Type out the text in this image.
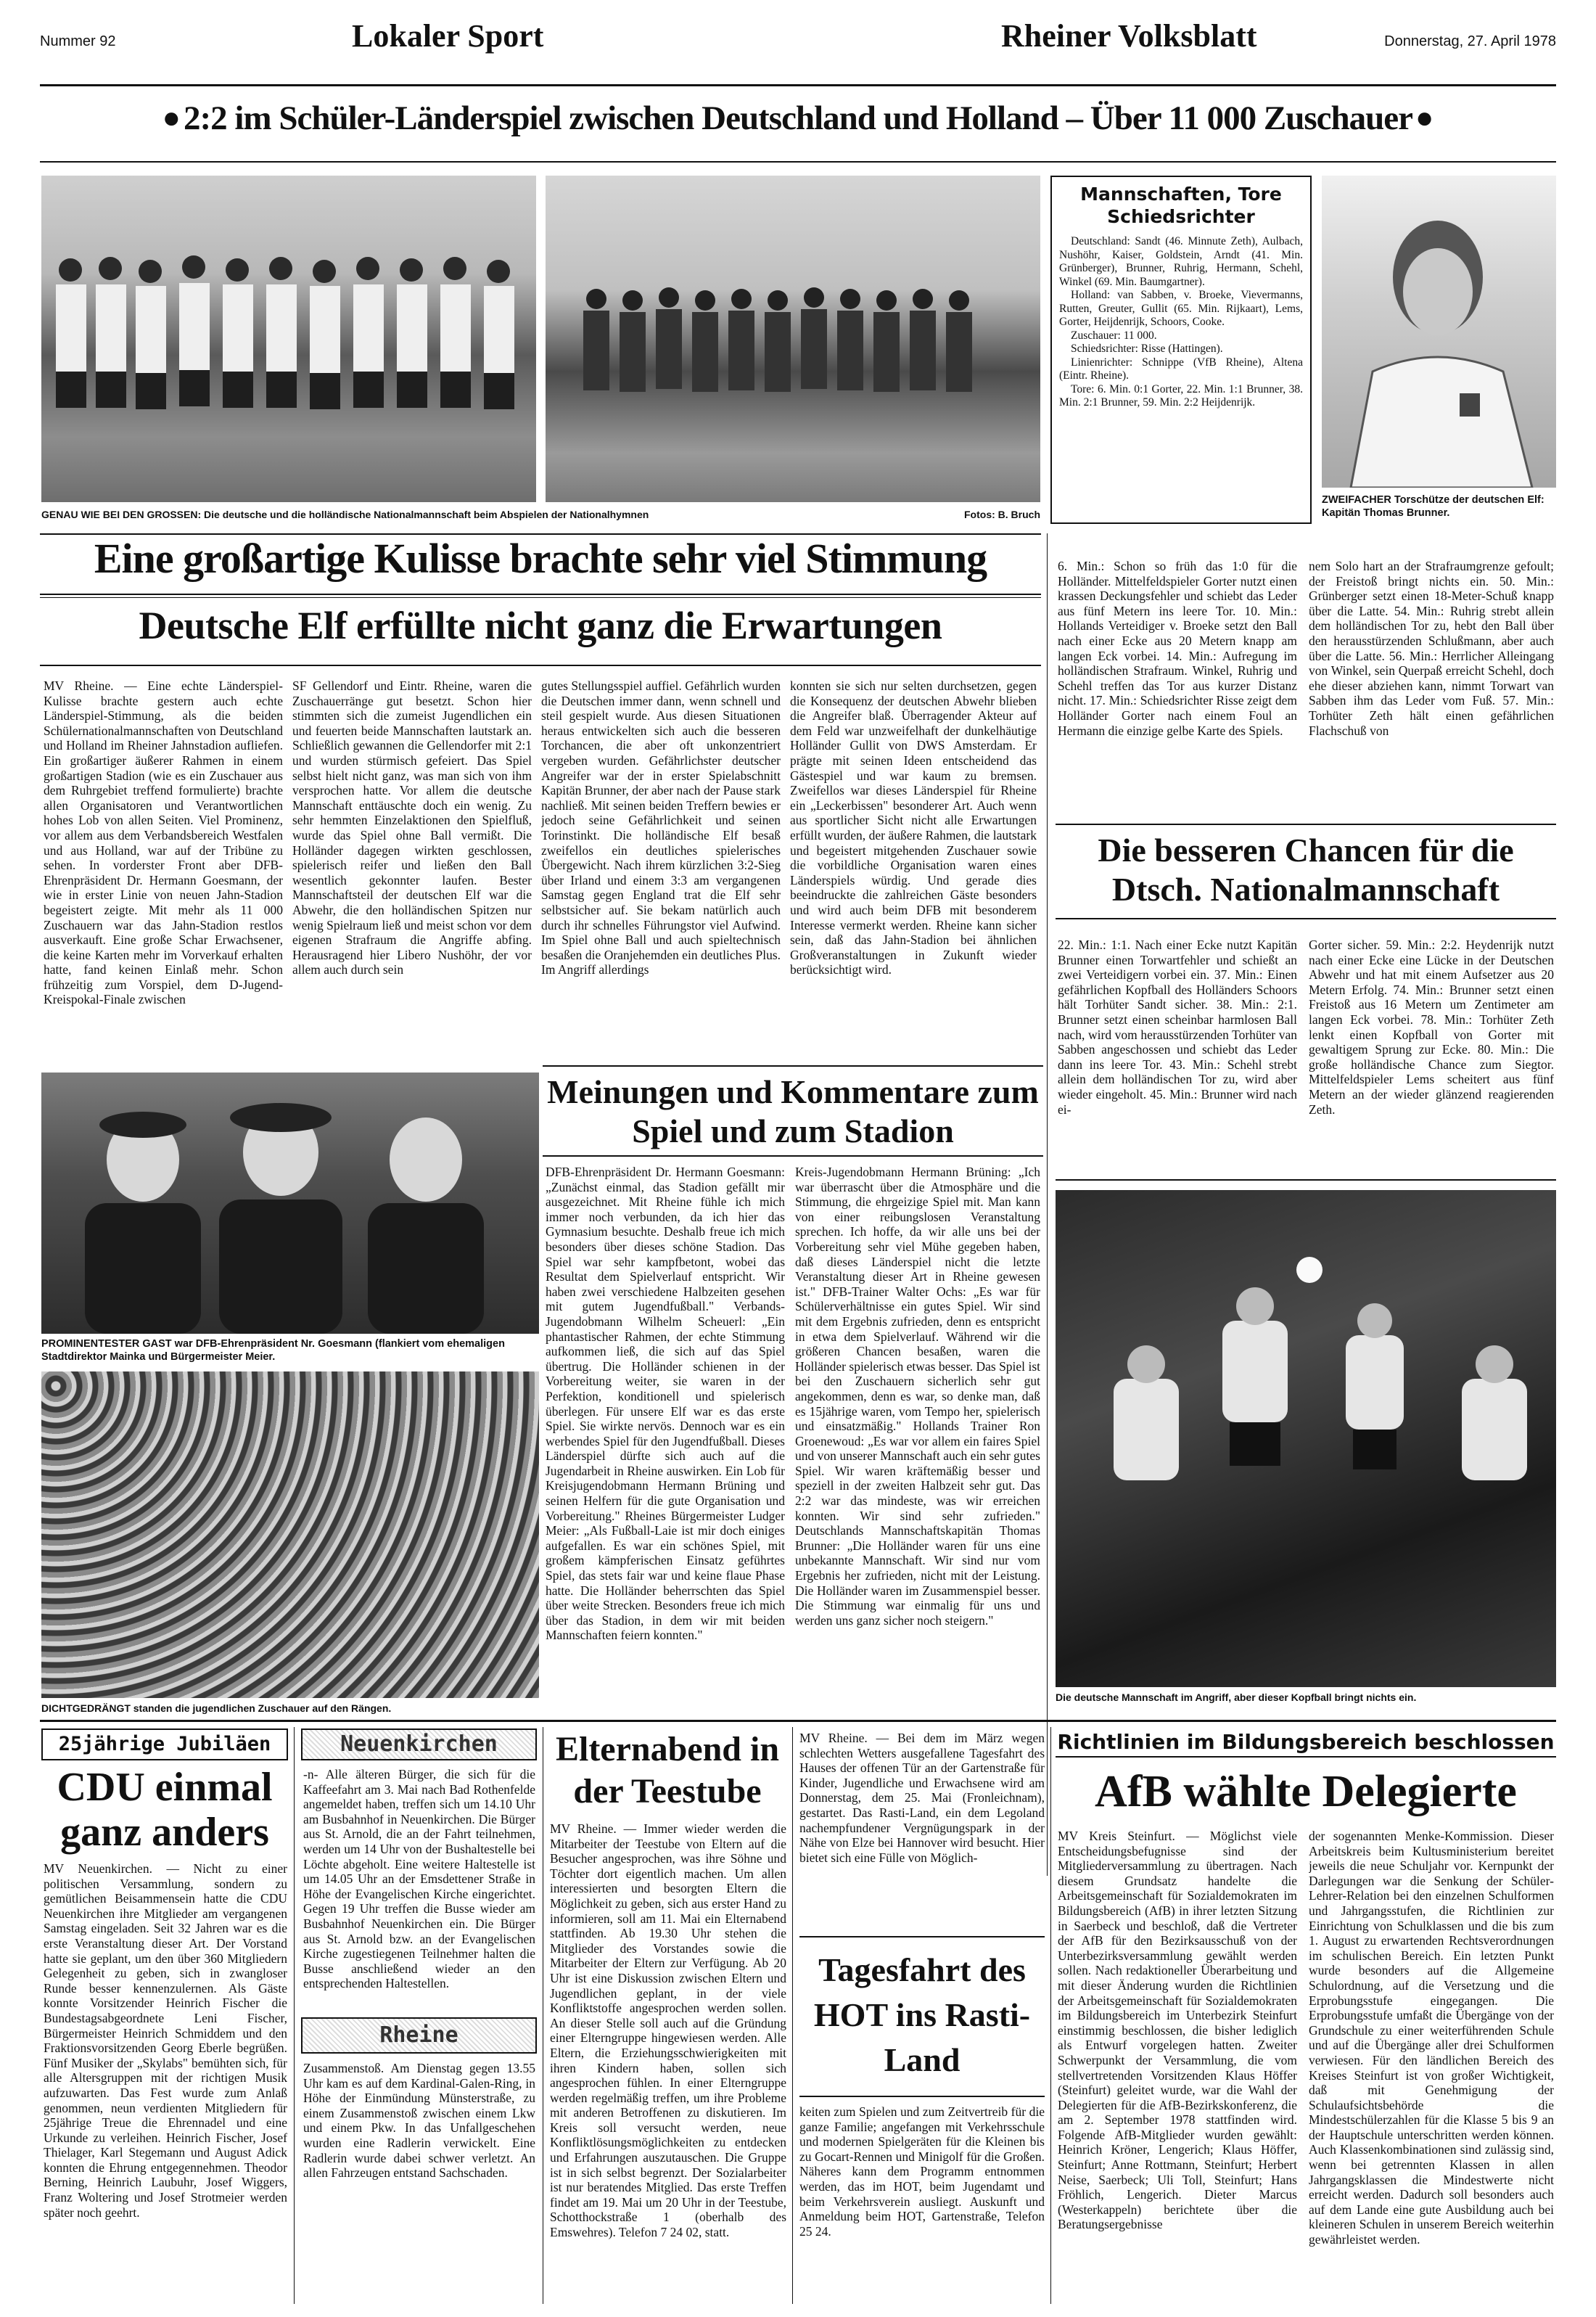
Nummer 92	Lokaler Sport	Rheiner Volksblatt	Donnerstag, 27. April 1978
● 2:2 im Schüler-Länderspiel zwischen Deutschland und Holland – Über 11 000 Zuschauer ●
GENAU WIE BEI DEN GROSSEN: Die deutsche und die holländische Nationalmannschaft beim Abspielen der Nationalhymnen	Fotos: B. Bruch
Mannschaften, Tore Schiedsrichter

Deutschland: Sandt (46. Minnute Zeth), Aulbach, Nushöhr, Kaiser, Goldstein, Arndt (41. Min. Grünberger), Brunner, Ruhrig, Hermann, Schehl, Winkel (69. Min. Baumgartner).

Holland: van Sabben, v. Broeke, Vievermanns, Rutten, Greuter, Gullit (65. Min. Rijkaart), Lems, Gorter, Heijdenrijk, Schoors, Cooke.

Zuschauer: 11 000.

Schiedsrichter: Risse (Hattingen).

Linienrichter: Schnippe (VfB Rheine), Altena (Eintr. Rheine).

Tore: 6. Min. 0:1 Gorter, 22. Min. 1:1 Brunner, 38. Min. 2:1 Brunner, 59. Min. 2:2 Heijdenrijk.

ZWEIFACHER Torschütze der deutschen Elf: Kapitän Thomas Brunner.
Eine großartige Kulisse brachte sehr viel Stimmung
Deutsche Elf erfüllte nicht ganz die Erwartungen
MV Rheine. — Eine echte Länderspiel-Kulisse brachte gestern auch echte Länderspiel-Stimmung, als die beiden Schülernationalmannschaften von Deutschland und Holland im Rheiner Jahnstadion aufliefen. Ein großartiger äußerer Rahmen in einem großartigen Stadion (wie es ein Zuschauer aus dem Ruhrgebiet treffend formulierte) brachte allen Organisatoren und Verantwortlichen hohes Lob von allen Seiten. Viel Prominenz, vor allem aus dem Verbandsbereich Westfalen und aus Holland, war auf der Tribüne zu sehen. In vorderster Front aber DFB-Ehrenpräsident Dr. Hermann Goesmann, der wie in erster Linie von neuen Jahn-Stadion begeistert zeigte. Mit mehr als 11 000 Zuschauern war das Jahn-Stadion restlos ausverkauft. Eine große Schar Erwachsener, die keine Karten mehr im Vorverkauf erhalten hatte, fand keinen Einlaß mehr. Schon frühzeitig zum Vorspiel, dem D-Jugend-Kreispokal-Finale zwischen
SF Gellendorf und Eintr. Rheine, waren die Zuschauerränge gut besetzt. Schon hier stimmten sich die zumeist Jugendlichen ein und feuerten beide Mannschaften lautstark an. Schließlich gewannen die Gellendorfer mit 2:1 und wurden stürmisch gefeiert. Das Spiel selbst hielt nicht ganz, was man sich von ihm versprochen hatte. Vor allem die deutsche Mannschaft enttäuschte doch ein wenig. Zu sehr hemmten Einzelaktionen den Spielfluß, wurde das Spiel ohne Ball vermißt. Die Holländer dagegen wirkten geschlossen, spielerisch reifer und ließen den Ball wesentlich gekonnter laufen. Bester Mannschaftsteil der deutschen Elf war die Abwehr, die den holländischen Spitzen nur wenig Spielraum ließ und meist schon vor dem eigenen Strafraum die Angriffe abfing. Herausragend hier Libero Nushöhr, der vor allem auch durch sein
gutes Stellungsspiel auffiel. Gefährlich wurden die Deutschen immer dann, wenn schnell und steil gespielt wurde. Aus diesen Situationen heraus entwickelten sich auch die besseren Torchancen, die aber oft unkonzentriert vergeben wurden. Gefährlichster deutscher Angreifer war der in erster Spielabschnitt Kapitän Brunner, der aber nach der Pause stark nachließ. Mit seinen beiden Treffern bewies er jedoch seine Gefährlichkeit und seinen Torinstinkt. Die holländische Elf besaß zweifellos ein deutliches spielerisches Übergewicht. Nach ihrem kürzlichen 3:2-Sieg über Irland und einem 3:3 am vergangenen Samstag gegen England trat die Elf sehr selbstsicher auf. Sie bekam natürlich auch durch ihr schnelles Führungstor viel Aufwind. Im Spiel ohne Ball und auch spieltechnisch besaßen die Oranjehemden ein deutliches Plus. Im Angriff allerdings
konnten sie sich nur selten durchsetzen, gegen die Konsequenz der deutschen Abwehr blieben die Angreifer blaß. Überragender Akteur auf dem Feld war unzweifelhaft der dunkelhäutige Holländer Gullit von DWS Amsterdam. Er prägte mit seinen Ideen entscheidend das Gästespiel und war kaum zu bremsen. Zweifellos war dieses Länderspiel für Rheine ein „Leckerbissen" besonderer Art. Auch wenn aus sportlicher Sicht nicht alle Erwartungen erfüllt wurden, der äußere Rahmen, die lautstark und begeistert mitgehenden Zuschauer sowie die vorbildliche Organisation waren eines Länderspiels würdig. Und gerade dies beeindruckte die zahlreichen Gäste besonders und wird auch beim DFB mit besonderem Interesse vermerkt werden. Rheine kann sicher sein, daß das Jahn-Stadion bei ähnlichen Großveranstaltungen in Zukunft wieder berücksichtigt wird.
6. Min.: Schon so früh das 1:0 für die Holländer. Mittelfeldspieler Gorter nutzt einen krassen Deckungsfehler und schiebt das Leder aus fünf Metern ins leere Tor. 10. Min.: Hollands Verteidiger v. Broeke setzt den Ball nach einer Ecke aus 20 Metern knapp am langen Eck vorbei. 14. Min.: Aufregung im holländischen Strafraum. Winkel, Ruhrig und Schehl treffen das Tor aus kurzer Distanz nicht. 17. Min.: Schiedsrichter Risse zeigt dem Holländer Gorter nach einem Foul an Hermann die einzige gelbe Karte des Spiels.
nem Solo hart an der Strafraumgrenze gefoult; der Freistoß bringt nichts ein. 50. Min.: Grünberger setzt einen 18-Meter-Schuß knapp über die Latte. 54. Min.: Ruhrig strebt allein dem holländischen Tor zu, hebt den Ball über den herausstürzenden Schlußmann, aber auch über die Latte. 56. Min.: Herrlicher Alleingang von Winkel, sein Querpaß erreicht Schehl, doch ehe dieser abziehen kann, nimmt Torwart van Sabben ihm das Leder vom Fuß. 57. Min.: Torhüter Zeth hält einen gefährlichen Flachschuß von
Die besseren Chancen für die Dtsch. Nationalmannschaft
22. Min.: 1:1. Nach einer Ecke nutzt Kapitän Brunner einen Torwartfehler und schießt an zwei Verteidigern vorbei ein. 37. Min.: Einen gefährlichen Kopfball des Holländers Schoors hält Torhüter Sandt sicher. 38. Min.: 2:1. Brunner setzt einen scheinbar harmlosen Ball nach, wird vom herausstürzenden Torhüter van Sabben angeschossen und schiebt das Leder dann ins leere Tor. 43. Min.: Schehl strebt allein dem holländischen Tor zu, wird aber wieder eingeholt. 45. Min.: Brunner wird nach ei-
Gorter sicher. 59. Min.: 2:2. Heydenrijk nutzt nach einer Ecke eine Lücke in der Deutschen Abwehr und hat mit einem Aufsetzer aus 20 Metern Erfolg. 74. Min.: Brunner setzt einen Freistoß aus 16 Metern um Zentimeter am langen Eck vorbei. 78. Min.: Torhüter Zeth lenkt einen Kopfball von Gorter mit gewaltigem Sprung zur Ecke. 80. Min.: Die große holländische Chance zum Siegtor. Mittelfeldspieler Lems scheitert aus fünf Metern an der wieder glänzend reagierenden Zeth.
Die deutsche Mannschaft im Angriff, aber dieser Kopfball bringt nichts ein.
PROMINENTESTER GAST war DFB-Ehrenpräsident Nr. Goesmann (flankiert vom ehemaligen Stadtdirektor Mainka und Bürgermeister Meier.
DICHTGEDRÄNGT standen die jugendlichen Zuschauer auf den Rängen.
Meinungen und Kommentare zum Spiel und zum Stadion
DFB-Ehrenpräsident Dr. Hermann Goesmann: „Zunächst einmal, das Stadion gefällt mir ausgezeichnet. Mit Rheine fühle ich mich immer noch verbunden, da ich hier das Gymnasium besuchte. Deshalb freue ich mich besonders über dieses schöne Stadion. Das Spiel war sehr kampfbetont, wobei das Resultat dem Spielverlauf entspricht. Wir haben zwei verschiedene Halbzeiten gesehen mit gutem Jugendfußball." Verbands-Jugendobmann Wilhelm Scheuerl: „Ein phantastischer Rahmen, der echte Stimmung aufkommen ließ, die sich auf das Spiel übertrug. Die Holländer schienen in der Vorbereitung weiter, sie waren in der Perfektion, konditionell und spielerisch überlegen. Für unsere Elf war es das erste Spiel. Sie wirkte nervös. Dennoch war es ein werbendes Spiel für den Jugendfußball. Dieses Länderspiel dürfte sich auch auf die Jugendarbeit in Rheine auswirken. Ein Lob für Kreisjugendobmann Hermann Brüning und seinen Helfern für die gute Organisation und Vorbereitung." Rheines Bürgermeister Ludger Meier: „Als Fußball-Laie ist mir doch einiges aufgefallen. Es war ein schönes Spiel, mit großem kämpferischen Einsatz geführtes Spiel, das stets fair war und keine flaue Phase hatte. Die Holländer beherrschten das Spiel über weite Strecken. Besonders freue ich mich über das Stadion, in dem wir mit beiden Mannschaften feiern konnten."
Kreis-Jugendobmann Hermann Brüning: „Ich war überrascht über die Atmosphäre und die Stimmung, die ehrgeizige Spiel mit. Man kann von einer reibungslosen Veranstaltung sprechen. Ich hoffe, da wir alle uns bei der Vorbereitung sehr viel Mühe gegeben haben, daß dieses Länderspiel nicht die letzte Veranstaltung dieser Art in Rheine gewesen ist." DFB-Trainer Walter Ochs: „Es war für Schülerverhältnisse ein gutes Spiel. Wir sind mit dem Ergebnis zufrieden, denn es entspricht in etwa dem Spielverlauf. Während wir die größeren Chancen besaßen, waren die Holländer spielerisch etwas besser. Das Spiel ist bei den Zuschauern sicherlich sehr gut angekommen, denn es war, so denke man, daß es 15jährige waren, vom Tempo her, spielerisch und einsatzmäßig." Hollands Trainer Ron Groenewoud: „Es war vor allem ein faires Spiel und von unserer Mannschaft auch ein sehr gutes Spiel. Wir waren kräftemäßig besser und speziell in der zweiten Halbzeit sehr gut. Das 2:2 war das mindeste, was wir erreichen konnten. Wir sind sehr zufrieden." Deutschlands Mannschaftskapitän Thomas Brunner: „Die Holländer waren für uns eine unbekannte Mannschaft. Wir sind nur vom Ergebnis her zufrieden, nicht mit der Leistung. Die Holländer waren im Zusammenspiel besser. Die Stimmung war einmalig für uns und werden uns ganz sicher noch steigern."
25jährige Jubiläen
CDU einmal ganz anders
MV Neuenkirchen. — Nicht zu einer politischen Versammlung, sondern zu gemütlichen Beisammensein hatte die CDU Neuenkirchen ihre Mitglieder am vergangenen Samstag eingeladen. Seit 32 Jahren war es die erste Veranstaltung dieser Art. Der Vorstand hatte sie geplant, um den über 360 Mitgliedern Gelegenheit zu geben, sich in zwangloser Runde besser kennenzulernen. Als Gäste konnte Vorsitzender Heinrich Fischer die Bundestagsabgeordnete Leni Fischer, Bürgermeister Heinrich Schmiddem und den Fraktionsvorsitzenden Georg Eberle begrüßen. Fünf Musiker der „Skylabs" bemühten sich, für alle Altersgruppen mit der richtigen Musik aufzuwarten. Das Fest wurde zum Anlaß genommen, neun verdienten Mitgliedern für 25jährige Treue die Ehrennadel und eine Urkunde zu verleihen. Heinrich Fischer, Josef Thielager, Karl Stegemann und August Adick konnten die Ehrung entgegennehmen. Theodor Berning, Heinrich Laubuhr, Josef Wiggers, Franz Woltering und Josef Strotmeier werden später noch geehrt.
Neuenkirchen
-n- Alle älteren Bürger, die sich für die Kaffeefahrt am 3. Mai nach Bad Rothenfelde angemeldet haben, treffen sich um 14.10 Uhr am Busbahnhof in Neuenkirchen. Die Bürger aus St. Arnold, die an der Fahrt teilnehmen, werden um 14 Uhr von der Bushaltestelle bei Löchte abgeholt. Eine weitere Haltestelle ist um 14.05 Uhr an der Emsdettener Straße in Höhe der Evangelischen Kirche eingerichtet. Gegen 19 Uhr treffen die Busse wieder am Busbahnhof Neuenkirchen ein. Die Bürger aus St. Arnold bzw. an der Evangelischen Kirche zugestiegenen Teilnehmer halten die Busse anschließend wieder an den entsprechenden Haltestellen.
Rheine
Zusammenstoß. Am Dienstag gegen 13.55 Uhr kam es auf dem Kardinal-Galen-Ring, in Höhe der Einmündung Münsterstraße, zu einem Zusammenstoß zwischen einem Lkw und einem Pkw. In das Unfallgeschehen wurden eine Radlerin verwickelt. Eine Radlerin wurde dabei schwer verletzt. An allen Fahrzeugen entstand Sachschaden.
Elternabend in der Teestube
MV Rheine. — Immer wieder werden die Mitarbeiter der Teestube von Eltern auf die Besucher angesprochen, was ihre Söhne und Töchter dort eigentlich machen. Um allen interessierten und besorgten Eltern die Möglichkeit zu geben, sich aus erster Hand zu informieren, soll am 11. Mai ein Elternabend stattfinden. Ab 19.30 Uhr stehen die Mitglieder des Vorstandes sowie die Mitarbeiter der Eltern zur Verfügung. Ab 20 Uhr ist eine Diskussion zwischen Eltern und Jugendlichen geplant, in der viele Konfliktstoffe angesprochen werden sollen. An dieser Stelle soll auch auf die Gründung einer Elterngruppe hingewiesen werden. Alle Eltern, die Erziehungsschwierigkeiten mit ihren Kindern haben, sollen sich angesprochen fühlen. In einer Elterngruppe werden regelmäßig treffen, um ihre Probleme mit anderen Betroffenen zu diskutieren. Im Kreis soll versucht werden, neue Konfliktlösungsmöglichkeiten zu entdecken und Erfahrungen auszutauschen. Die Gruppe ist in sich selbst begrenzt. Der Sozialarbeiter ist nur beratendes Mitglied. Das erste Treffen findet am 19. Mai um 20 Uhr in der Teestube, Schotthockstraße 1 (oberhalb des Emswehres). Telefon 7 24 02, statt.
MV Rheine. — Bei dem im März wegen schlechten Wetters ausgefallene Tagesfahrt des Hauses der offenen Tür an der Gartenstraße für Kinder, Jugendliche und Erwachsene wird am Donnerstag, dem 25. Mai (Fronleichnam), gestartet. Das Rasti-Land, ein dem Legoland nachempfundener Vergnügungspark in der Nähe von Elze bei Hannover wird besucht. Hier bietet sich eine Fülle von Möglich-
Tagesfahrt des HOT ins Rasti-Land
keiten zum Spielen und zum Zeitvertreib für die ganze Familie; angefangen mit Verkehrsschule und modernen Spielgeräten für die Kleinen bis zu Gocart-Rennen und Minigolf für die Großen. Näheres kann dem Programm entnommen werden, das im HOT, beim Jugendamt und beim Verkehrsverein ausliegt. Auskunft und Anmeldung beim HOT, Gartenstraße, Telefon 25 24.
Richtlinien im Bildungsbereich beschlossen
AfB wählte Delegierte
MV Kreis Steinfurt. — Möglichst viele Entscheidungsbefugnisse sind der Mitgliederversammlung zu übertragen. Nach diesem Grundsatz handelte die Arbeitsgemeinschaft für Sozialdemokraten im Bildungsbereich (AfB) in ihrer letzten Sitzung in Saerbeck und beschloß, daß die Vertreter der AfB für den Bezirksausschuß von der Unterbezirksversammlung gewählt werden sollen. Nach redaktioneller Überarbeitung und mit dieser Änderung wurden die Richtlinien der Arbeitsgemeinschaft für Sozialdemokraten im Bildungsbereich im Unterbezirk Steinfurt einstimmig beschlossen, die bisher lediglich als Entwurf vorgelegen hatten. Zweiter Schwerpunkt der Versammlung, die vom stellvertretenden Vorsitzenden Klaus Höffer (Steinfurt) geleitet wurde, war die Wahl der Delegierten für die AfB-Bezirkskonferenz, die am 2. September 1978 stattfinden wird. Folgende AfB-Mitglieder wurden gewählt: Heinrich Kröner, Lengerich; Klaus Höffer, Steinfurt; Anne Rottmann, Steinfurt; Herbert Neise, Saerbeck; Uli Toll, Steinfurt; Hans Fröhlich, Lengerich. Dieter Marcus (Westerkappeln) berichtete über die Beratungsergebnisse
der sogenannten Menke-Kommission. Dieser Arbeitskreis beim Kultusministerium bereitet jeweils die neue Schuljahr vor. Kernpunkt der Darlegungen war die Senkung der Schüler-Lehrer-Relation bei den einzelnen Schulformen und Jahrgangsstufen, die Richtlinien zur Einrichtung von Schulklassen und die bis zum 1. August zu erwartenden Rechtsverordnungen im schulischen Bereich. Ein letzten Punkt wurde besonders auf die Allgemeine Schulordnung, auf die Versetzung und die Erprobungsstufe eingegangen. Die Erprobungsstufe umfaßt die Übergänge von der Grundschule zu einer weiterführenden Schule und auf die Übergänge aller drei Schulformen verwiesen. Für den ländlichen Bereich des Kreises Steinfurt ist von großer Wichtigkeit, daß mit Genehmigung der Schulaufsichtsbehörde die Mindestschülerzahlen für die Klasse 5 bis 9 an der Hauptschule unterschritten werden können. Auch Klassenkombinationen sind zulässig sind, wenn bei getrennten Klassen in allen Jahrgangsklassen die Mindestwerte nicht erreicht werden. Dadurch soll besonders auch auf dem Lande eine gute Ausbildung auch bei kleineren Schulen in unserem Bereich weiterhin gewährleistet werden.
